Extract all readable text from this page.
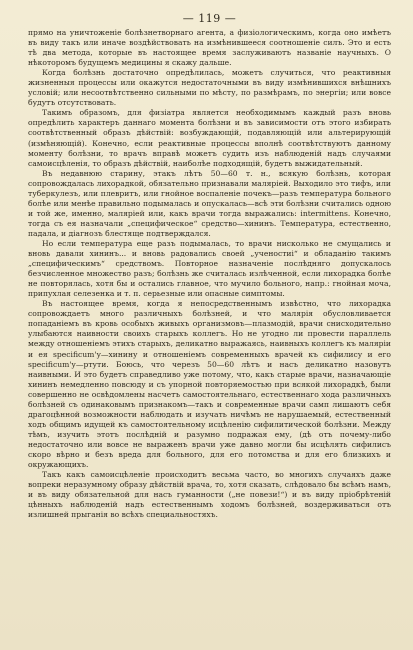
— 119 —

прямо на уничтоженіе болѣзнетворнаго агента, а физіологическимъ, когда оно имѣетъ въ виду такъ или иначе воздѣйствовать на измѣнившееся соотношеніе силъ. Это и есть тѣ два метода, которые въ настоящее время заслуживаютъ названіе научныхъ. О нѣкоторомъ будущемъ медицины я скажу дальше.

Когда болѣзнь достаточно опредѣлилась, можетъ случиться, что реактивныя жизненныя процессы или окажутся недостаточными въ виду измѣнившихся внѣшнихъ условій; или несоотвѣтственно сильными по мѣсту, по размѣрамъ, по энергіи; или вовсе будутъ отсутствовать.

Такимъ образомъ, для физіатра является необходимымъ каждый разъ вновь опредѣлить характеръ даннаго момента болѣзни и въ зависимости отъ этого избирать соотвѣтственный образъ дѣйствій: возбуждающій, подавляющій или альтерирующій (измѣняющій). Конечно, если реактивные процессы вполнѣ соотвѣтствуютъ данному моменту болѣзни, то врачъ вправѣ можетъ судить изъ наблюденій надъ случаями самоисцѣленія, то образъ дѣйствій, наиболѣе подходящій, будетъ выжидательный.

Въ недавнюю старину, этакъ лѣтъ 50—60 т. н., всякую болѣзнь, которая сопровождалась лихорадкой, обязательно признавали маляріей. Выходило это тифъ, или туберкулезъ, или плевритъ, или гнойное воспаленіе почекъ—разъ температура больного болѣе или менѣе правильно подымалась и опускалась—всѣ эти болѣзни считались одною и той же, именно, маляріей или, какъ врачи тогда выражались: intermittens. Конечно, тогда съ ея назначали „специфическое“ средство—хининъ. Температура, естественно, падала, и діагнозъ блестяще подтверждался.

Но если температура еще разъ подымалась, то врачи нисколько не смущались и вновь давали хининъ... и вновь радовались своей „ученостиi“ и обладанію такимъ „специфическимъ“ средствомъ. Повторное назначеніе послѣдняго допускалось безчисленное множество разъ; болѣзнь же считалась излѣченной, если лихорадка болѣе не повторялась, хотя бы и остались главное, что мучило больного, напр.: гнойная моча, припухлая селезенка и т. п. серьезные или опасные симптомы.

Въ настоящее время, когда я непосредственнымъ извѣстно, что лихорадка сопровождаетъ много различныхъ болѣзней, и что малярія обусловливается попаданіемъ въ кровь особыхъ живыхъ организмовъ—плазмодій, врачи снисходительно улыбаются наивности своихъ старыхъ коллегъ. Но не угодно ли провести параллель между отношеніемъ этихъ старыхъ, деликатно выражаясь, наивныхъ коллегъ къ маляріи и ея specificum'у—хинину и отношеніемъ современныхъ врачей къ сифилису и его specificum'у—ртути. Боюсь, что черезъ 50—60 лѣтъ и насъ деликатно назовутъ наивными. И это будетъ справедливо уже потому, что, какъ старые врачи, назначающіе хининъ немедленно повсюду и съ упорной повторяемостью при всякой лихорадкѣ, были совершенно не освѣдомлены насчетъ самостоятельнаго, естественнаго хода различныхъ болѣзней съ одинаковымъ признакомъ—такъ и современные врачи самп лишаютъ себя драгоцѣнной возможности наблюдать и изучать ничѣмъ не нарушаемый, естественный ходъ общимъ идущей къ самостоятельному исцѣленію сифилитической болѣзни. Между тѣмъ, изучить этотъ послѣдній и разумно подражая ему, (дѣ отъ почему-либо недостаточно или вовсе не выраженъ врачи уже давно могли бы исцѣлять сифилисъ скоро вѣрно и безъ вреда для больного, для его потомства и для его близкихъ и окружающихъ.

Такъ какъ самоисцѣленіе происходитъ весьма часто, во многихъ случаяхъ даже вопреки неразумному образу дѣйствій врача, то, хотя сказать, слѣдовало бы всѣмъ намъ, и въ виду обязательной для насъ гуманности („не повези!“) и въ виду пріобрѣтеній цѣнныхъ наблюденій надъ естественнымъ ходомъ болѣзней, воздерживаться отъ излишней прыганія во всѣхъ специальностяхъ.
